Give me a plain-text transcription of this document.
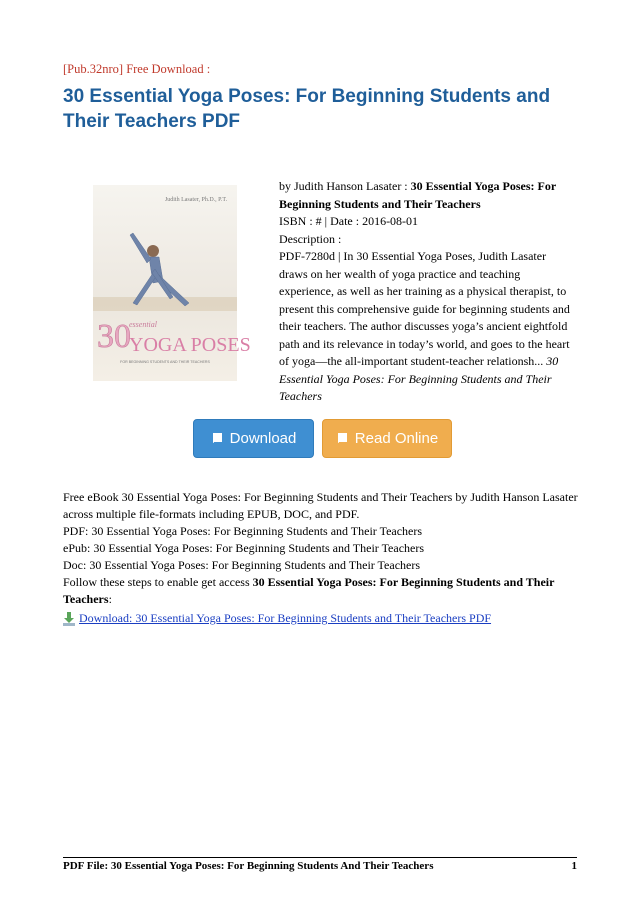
[Pub.32nro] Free Download :
30 Essential Yoga Poses: For Beginning Students and Their Teachers PDF
Judith Lasater, Ph.D., P.T.
30
essential
YOGA POSES
FOR BEGINNING STUDENTS AND THEIR TEACHERS

by Judith Hanson Lasater : 30 Essential Yoga Poses: For Beginning Students and Their Teachers

ISBN : # | Date : 2016-08-01

Description :

PDF-7280d | In 30 Essential Yoga Poses, Judith Lasater draws on her wealth of yoga practice and teaching experience, as well as her training as a physical therapist, to present this comprehensive guide for beginning students and their teachers. The author discusses yoga’s ancient eightfold path and its relevance in today’s world, and goes to the heart of yoga—the all-important student-teacher relationsh... 30 Essential Yoga Poses: For Beginning Students and Their Teachers

Download	Read Online

Free eBook 30 Essential Yoga Poses: For Beginning Students and Their Teachers by Judith Hanson Lasater across multiple file-formats including EPUB, DOC, and PDF.

PDF: 30 Essential Yoga Poses: For Beginning Students and Their Teachers

ePub: 30 Essential Yoga Poses: For Beginning Students and Their Teachers

Doc: 30 Essential Yoga Poses: For Beginning Students and Their Teachers

Follow these steps to enable get access 30 Essential Yoga Poses: For Beginning Students and Their Teachers:

Download: 30 Essential Yoga Poses: For Beginning Students and Their Teachers PDF
PDF File: 30 Essential Yoga Poses: For Beginning Students And Their Teachers	1
